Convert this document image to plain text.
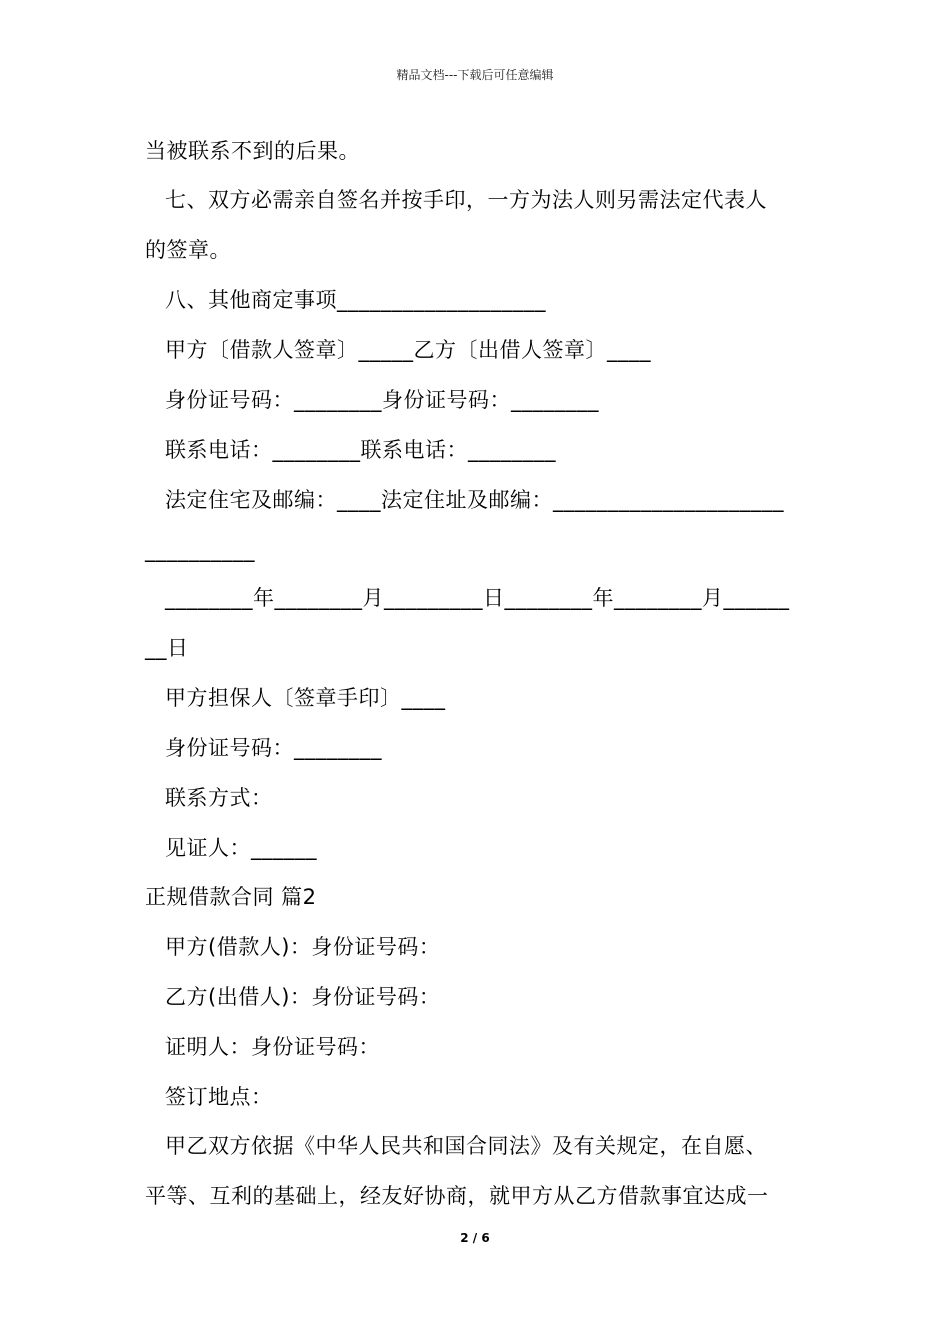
精品文档---下载后可任意编辑
当被联系不到的后果。
七、双方必需亲自签名并按手印，一方为法人则另需法定代表人
的签章。
八、其他商定事项___________________
甲方〔借款人签章〕_____乙方〔出借人签章〕____
身份证号码：________身份证号码：________
联系电话：________联系电话：________
法定住宅及邮编：____法定住址及邮编：_____________________
__________
________年________月_________日________年________月______
__日
甲方担保人〔签章手印〕____
身份证号码：________
联系方式：
见证人：______
正规借款合同 篇2
甲方(借款人)：身份证号码：
乙方(出借人)：身份证号码：
证明人：身份证号码：
签订地点：
甲乙双方依据《中华人民共和国合同法》及有关规定，在自愿、
平等、互利的基础上，经友好协商，就甲方从乙方借款事宜达成一
2 / 6
